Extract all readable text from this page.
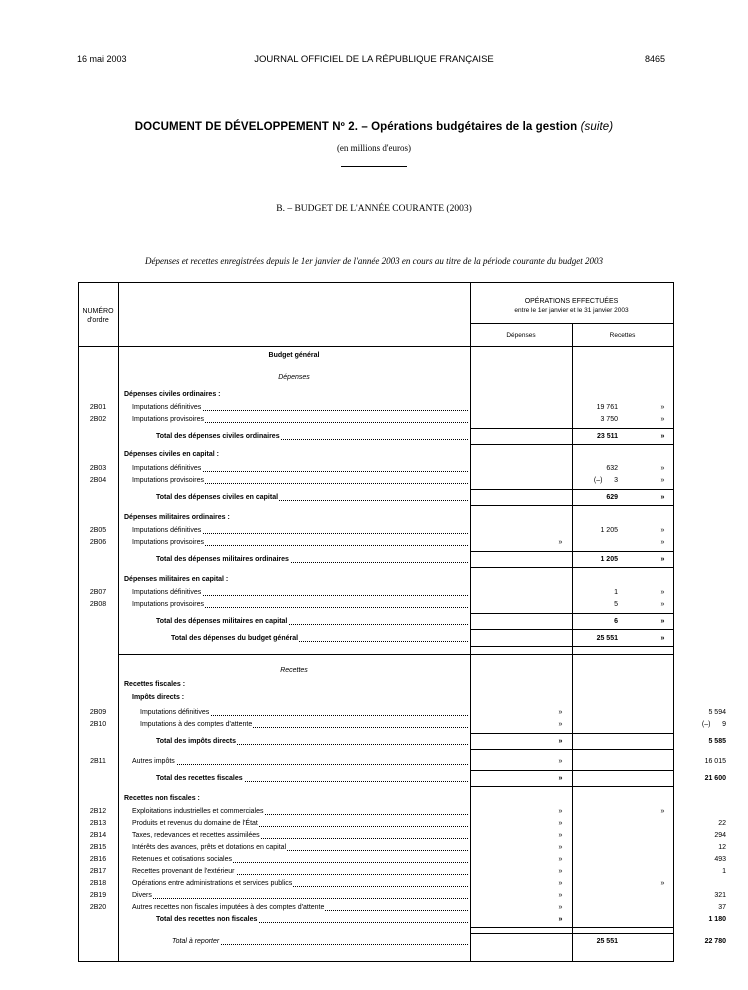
16 mai 2003	JOURNAL OFFICIEL DE LA RÉPUBLIQUE FRANÇAISE	8465
DOCUMENT DE DÉVELOPPEMENT Nº 2. – Opérations budgétaires de la gestion (suite)
(en millions d'euros)
B. – BUDGET DE L'ANNÉE COURANTE (2003)
Dépenses et recettes enregistrées depuis le 1er janvier de l'année 2003 en cours au titre de la période courante du budget 2003
NUMÉRO
d'ordre
OPÉRATIONS EFFECTUÉES
entre le 1er janvier et le 31 janvier 2003
Dépenses	Recettes
Budget général
Dépenses
Recettes
Dépenses civiles ordinaires :
2B01	Imputations définitives	19 761	»
2B02	Imputations provisoires	3 750	»
Total des dépenses civiles ordinaires	23 511	»
Dépenses civiles en capital :
2B03	Imputations définitives	632	»
2B04	Imputations provisoires	(–)      3	»
Total des dépenses civiles en capital	629	»
Dépenses militaires ordinaires :
2B05	Imputations définitives	1 205	»
2B06	Imputations provisoires	»	»
Total des dépenses militaires ordinaires	1 205	»
Dépenses militaires en capital :
2B07	Imputations définitives	1	»
2B08	Imputations provisoires	5	»
Total des dépenses militaires en capital	6	»
Total des dépenses du budget général	25 551	»
Recettes fiscales :
Impôts directs :
2B09	Imputations définitives	»	5 594
2B10	Imputations à des comptes d'attente	»	(–)      9
Total des impôts directs	»	5 585
2B11	Autres impôts	»	16 015
Total des recettes fiscales	»	21 600
Recettes non fiscales :
2B12	Exploitations industrielles et commerciales	»	»
2B13	Produits et revenus du domaine de l'État	»	22
2B14	Taxes, redevances et recettes assimilées	»	294
2B15	Intérêts des avances, prêts et dotations en capital	»	12
2B16	Retenues et cotisations sociales	»	493
2B17	Recettes provenant de l'extérieur	»	1
2B18	Opérations entre administrations et services publics	»	»
2B19	Divers	»	321
2B20	Autres recettes non fiscales imputées à des comptes d'attente	»	37
Total des recettes non fiscales	»	1 180
Total à reporter	25 551	22 780
